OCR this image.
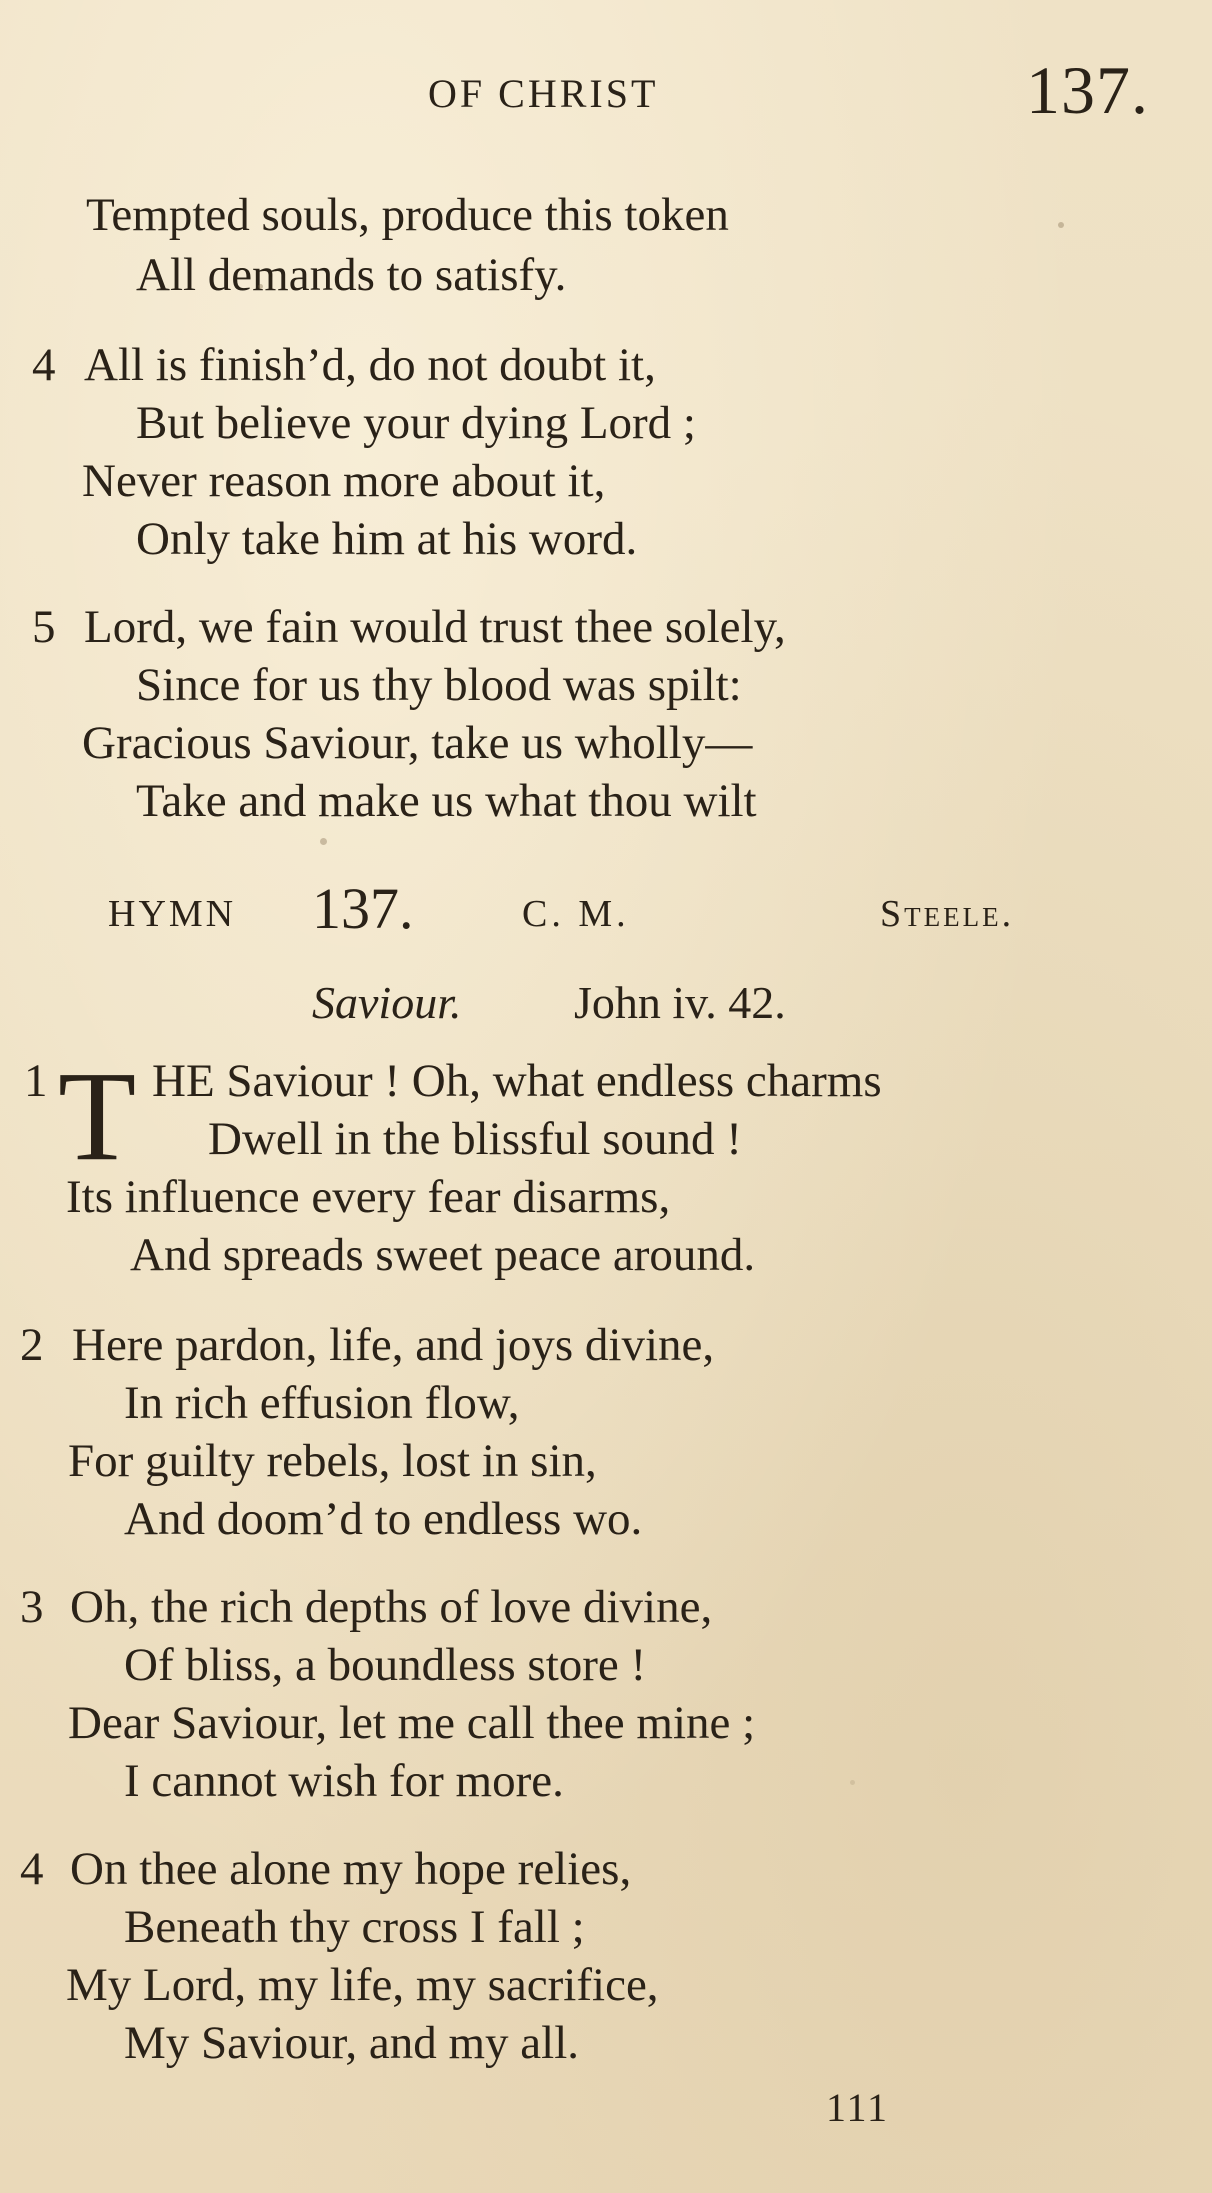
OF CHRIST	137.
Tempted souls, produce this token
All demands to satisfy.
4 All is finish’d, do not doubt it,
But believe your dying Lord ;
Never reason more about it,
Only take him at his word.
5 Lord, we fain would trust thee solely,
Since for us thy blood was spilt:
Gracious Saviour, take us wholly—
Take and make us what thou wilt
HYMN 137.	C. M.	Steele.
Saviour. John iv. 42.
1 T HE Saviour ! Oh, what endless charms
Dwell in the blissful sound !
Its influence every fear disarms,
And spreads sweet peace around.
2 Here pardon, life, and joys divine,
In rich effusion flow,
For guilty rebels, lost in sin,
And doom’d to endless wo.
3 Oh, the rich depths of love divine,
Of bliss, a boundless store !
Dear Saviour, let me call thee mine ;
I cannot wish for more.
4 On thee alone my hope relies,
Beneath thy cross I fall ;
My Lord, my life, my sacrifice,
My Saviour, and my all.
111
